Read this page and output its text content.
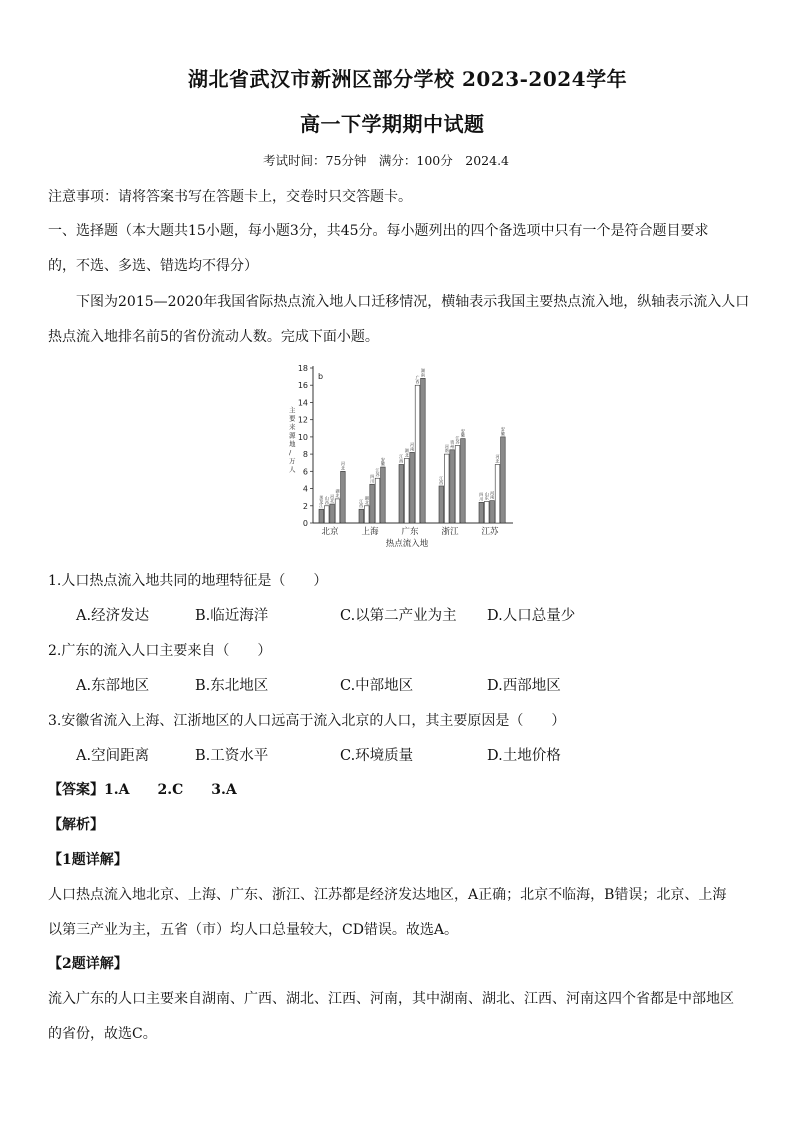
湖北省武汉市新洲区部分学校 2023-2024学年
高一下学期期中试题
考试时间：75分钟　满分：100分　2024.4
注意事项：请将答案书写在答题卡上，交卷时只交答题卡。
一、选择题（本大题共15小题，每小题3分，共45分。每小题列出的四个备选项中只有一个是符合题目要求
的，不选、多选、错选均不得分）
下图为2015—2020年我国省际热点流入地人口迁移情况，横轴表示我国主要热点流入地，纵轴表示流入人口
热点流入地排名前5的省份流动人数。完成下面小题。
0
2
4
6
8
10
12
14
16
18
b
主
要
来
源
地
/
万
人
黑
龙
江
山
西
河
北
湖
北
河
北
北京
江
西
湖
北
四
川
江
苏
安
徽
上海
江
西
湖
北
河
南
广
西
湖
南
广东
江
西
河
南
贵
州
江
苏
安
徽
浙江
四
川
山
东
河
南
河
北
安
徽
江苏
热点流入地
1.人口热点流入地共同的地理特征是（　　）
A.经济发达	B.临近海洋	C.以第二产业为主 D.人口总量少
2.广东的流入人口主要来自（　　）
A.东部地区	B.东北地区	C.中部地区	D.西部地区
3.安徽省流入上海、江浙地区的人口远高于流入北京的人口，其主要原因是（　　）
A.空间距离	B.工资水平	C.环境质量	D.土地价格
【答案】1.A　　2.C　　3.A
【解析】
【1题详解】
人口热点流入地北京、上海、广东、浙江、江苏都是经济发达地区，A正确；北京不临海，B错误；北京、上海
以第三产业为主，五省（市）均人口总量较大，CD错误。故选A。
【2题详解】
流入广东的人口主要来自湖南、广西、湖北、江西、河南，其中湖南、湖北、江西、河南这四个省都是中部地区
的省份，故选C。
